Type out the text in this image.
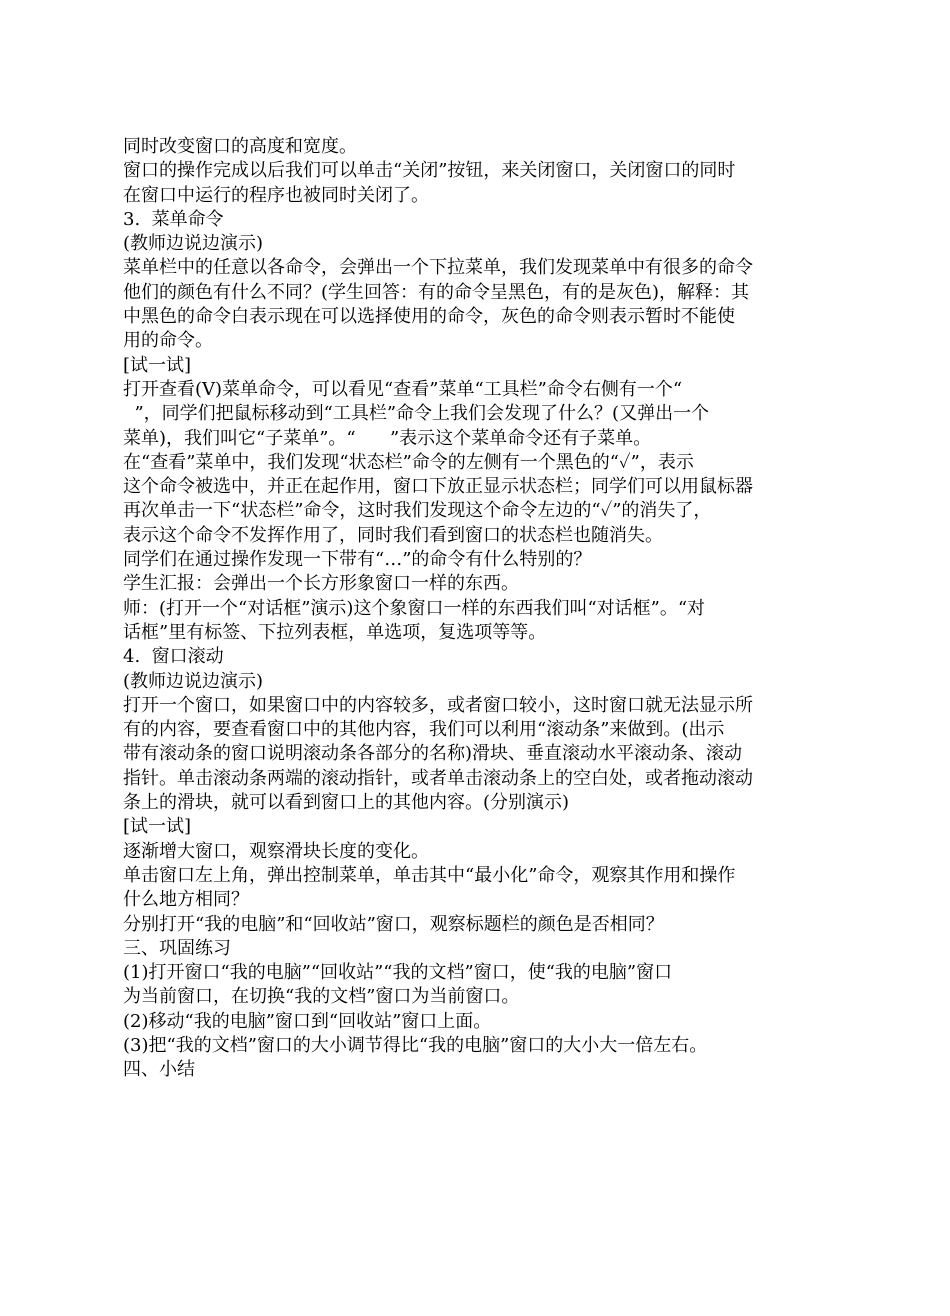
同时改变窗口的高度和宽度。
窗口的操作完成以后我们可以单击“关闭”按钮，来关闭窗口，关闭窗口的同时
在窗口中运行的程序也被同时关闭了。
3.  菜单命令
(教师边说边演示)
菜单栏中的任意以各命令，会弹出一个下拉菜单，我们发现菜单中有很多的命令
他们的颜色有什么不同？(学生回答：有的命令呈黑色，有的是灰色)，解释：其
中黑色的命令白表示现在可以选择使用的命令，灰色的命令则表示暂时不能使
用的命令。
[试一试]
打开查看(V)菜单命令，可以看见“查看”菜单“工具栏”命令右侧有一个“
”，同学们把鼠标移动到“工具栏”命令上我们会发现了什么？(又弹出一个
菜单)，我们叫它“子菜单”。“      ”表示这个菜单命令还有子菜单。
在“查看”菜单中，我们发现“状态栏”命令的左侧有一个黑色的“✓”，表示
这个命令被选中，并正在起作用，窗口下放正显示状态栏；同学们可以用鼠标器
再次单击一下“状态栏”命令，这时我们发现这个命令左边的“✓”的消失了，
表示这个命令不发挥作用了，同时我们看到窗口的状态栏也随消失。
同学们在通过操作发现一下带有“…”的命令有什么特别的？
学生汇报：会弹出一个长方形象窗口一样的东西。
师：(打开一个“对话框”演示)这个象窗口一样的东西我们叫“对话框”。“对
话框”里有标签、下拉列表框，单选项，复选项等等。
4.  窗口滚动
(教师边说边演示)
打开一个窗口，如果窗口中的内容较多，或者窗口较小，这时窗口就无法显示所
有的内容，要查看窗口中的其他内容，我们可以利用“滚动条”来做到。(出示
带有滚动条的窗口说明滚动条各部分的名称)滑块、垂直滚动水平滚动条、滚动
指针。单击滚动条两端的滚动指针，或者单击滚动条上的空白处，或者拖动滚动
条上的滑块，就可以看到窗口上的其他内容。(分别演示)
[试一试]
逐渐增大窗口，观察滑块长度的变化。
单击窗口左上角，弹出控制菜单，单击其中“最小化”命令，观察其作用和操作
什么地方相同？
分别打开“我的电脑”和“回收站”窗口，观察标题栏的颜色是否相同？
三、巩固练习
(1)打开窗口“我的电脑”“回收站”“我的文档”窗口，使“我的电脑”窗口
为当前窗口，在切换“我的文档”窗口为当前窗口。
(2)移动“我的电脑”窗口到“回收站”窗口上面。
(3)把“我的文档”窗口的大小调节得比“我的电脑”窗口的大小大一倍左右。
四、小结
